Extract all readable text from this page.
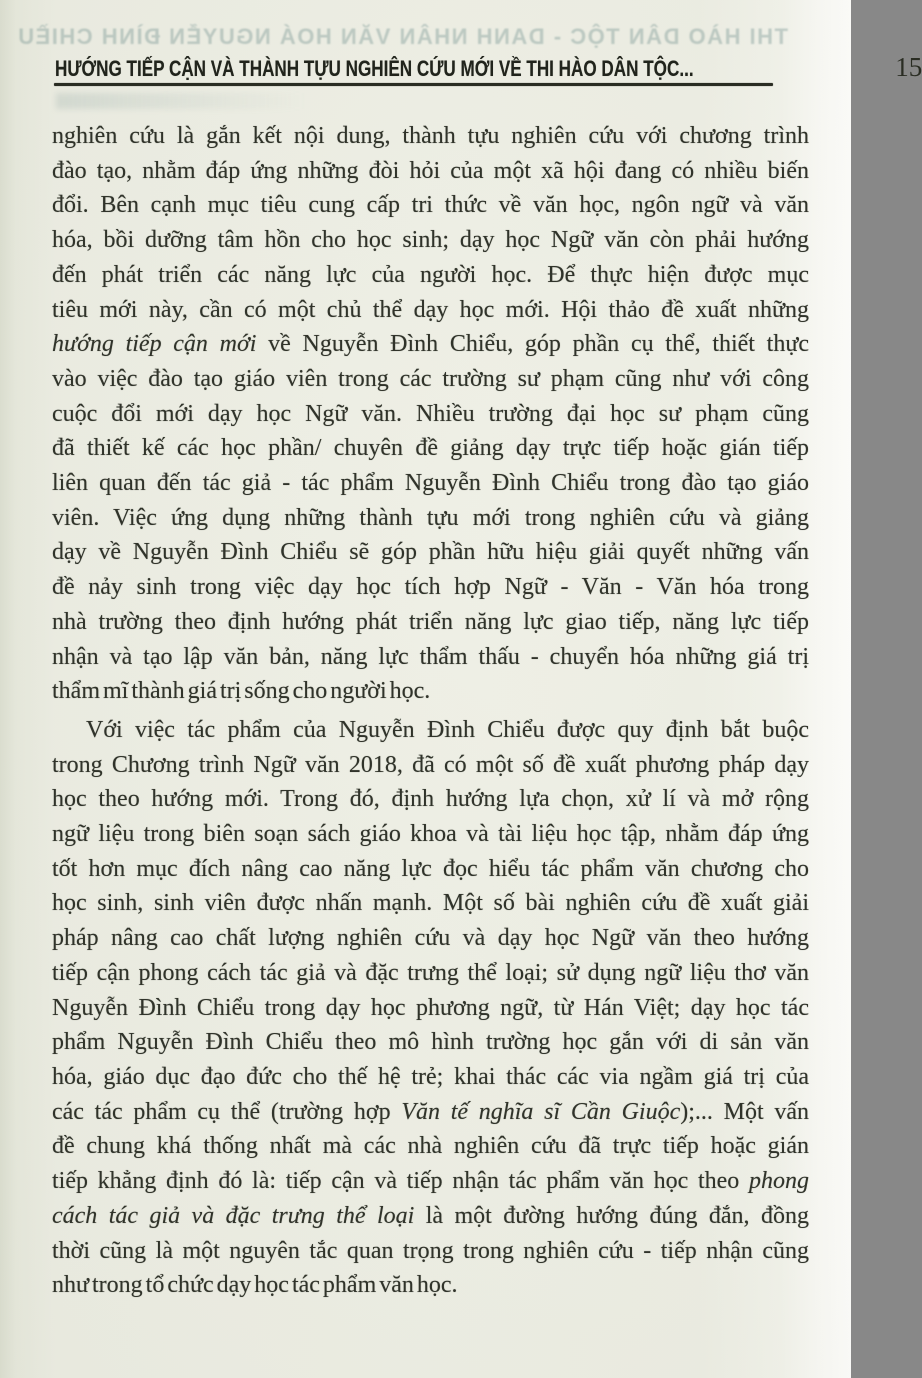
THI HÀO DÂN TỘC - DANH NHÂN VĂN HOÁ NGUYỄN ĐÌNH CHIỀU
HƯỚNG TIẾP CẬN VÀ THÀNH TỰU NGHIÊN CỨU MỚI VỀ THI HÀO DÂN TỘC...	15
nghiên cứu là gắn kết nội dung, thành tựu nghiên cứu với chương trình
đào tạo, nhằm đáp ứng những đòi hỏi của một xã hội đang có nhiều biến
đổi. Bên cạnh mục tiêu cung cấp tri thức về văn học, ngôn ngữ và văn
hóa, bồi dưỡng tâm hồn cho học sinh; dạy học Ngữ văn còn phải hướng
đến phát triển các năng lực của người học. Để thực hiện được mục
tiêu mới này, cần có một chủ thể dạy học mới. Hội thảo đề xuất những
hướng tiếp cận mới về Nguyễn Đình Chiểu, góp phần cụ thể, thiết thực
vào việc đào tạo giáo viên trong các trường sư phạm cũng như với công
cuộc đổi mới dạy học Ngữ văn. Nhiều trường đại học sư phạm cũng
đã thiết kế các học phần/ chuyên đề giảng dạy trực tiếp hoặc gián tiếp
liên quan đến tác giả - tác phẩm Nguyễn Đình Chiểu trong đào tạo giáo
viên. Việc ứng dụng những thành tựu mới trong nghiên cứu và giảng
dạy về Nguyễn Đình Chiểu sẽ góp phần hữu hiệu giải quyết những vấn
đề nảy sinh trong việc dạy học tích hợp Ngữ - Văn - Văn hóa trong
nhà trường theo định hướng phát triển năng lực giao tiếp, năng lực tiếp
nhận và tạo lập văn bản, năng lực thẩm thấu - chuyển hóa những giá trị
thẩm mĩ thành giá trị sống cho người học.
Với việc tác phẩm của Nguyễn Đình Chiểu được quy định bắt buộc
trong Chương trình Ngữ văn 2018, đã có một số đề xuất phương pháp dạy
học theo hướng mới. Trong đó, định hướng lựa chọn, xử lí và mở rộng
ngữ liệu trong biên soạn sách giáo khoa và tài liệu học tập, nhằm đáp ứng
tốt hơn mục đích nâng cao năng lực đọc hiểu tác phẩm văn chương cho
học sinh, sinh viên được nhấn mạnh. Một số bài nghiên cứu đề xuất giải
pháp nâng cao chất lượng nghiên cứu và dạy học Ngữ văn theo hướng
tiếp cận phong cách tác giả và đặc trưng thể loại; sử dụng ngữ liệu thơ văn
Nguyễn Đình Chiểu trong dạy học phương ngữ, từ Hán Việt; dạy học tác
phẩm Nguyễn Đình Chiểu theo mô hình trường học gắn với di sản văn
hóa, giáo dục đạo đức cho thế hệ trẻ; khai thác các via ngầm giá trị của
các tác phẩm cụ thể (trường hợp Văn tế nghĩa sĩ Cần Giuộc);... Một vấn
đề chung khá thống nhất mà các nhà nghiên cứu đã trực tiếp hoặc gián
tiếp khẳng định đó là: tiếp cận và tiếp nhận tác phẩm văn học theo phong
cách tác giả và đặc trưng thể loại là một đường hướng đúng đắn, đồng
thời cũng là một nguyên tắc quan trọng trong nghiên cứu - tiếp nhận cũng
như trong tổ chức dạy học tác phẩm văn học.
